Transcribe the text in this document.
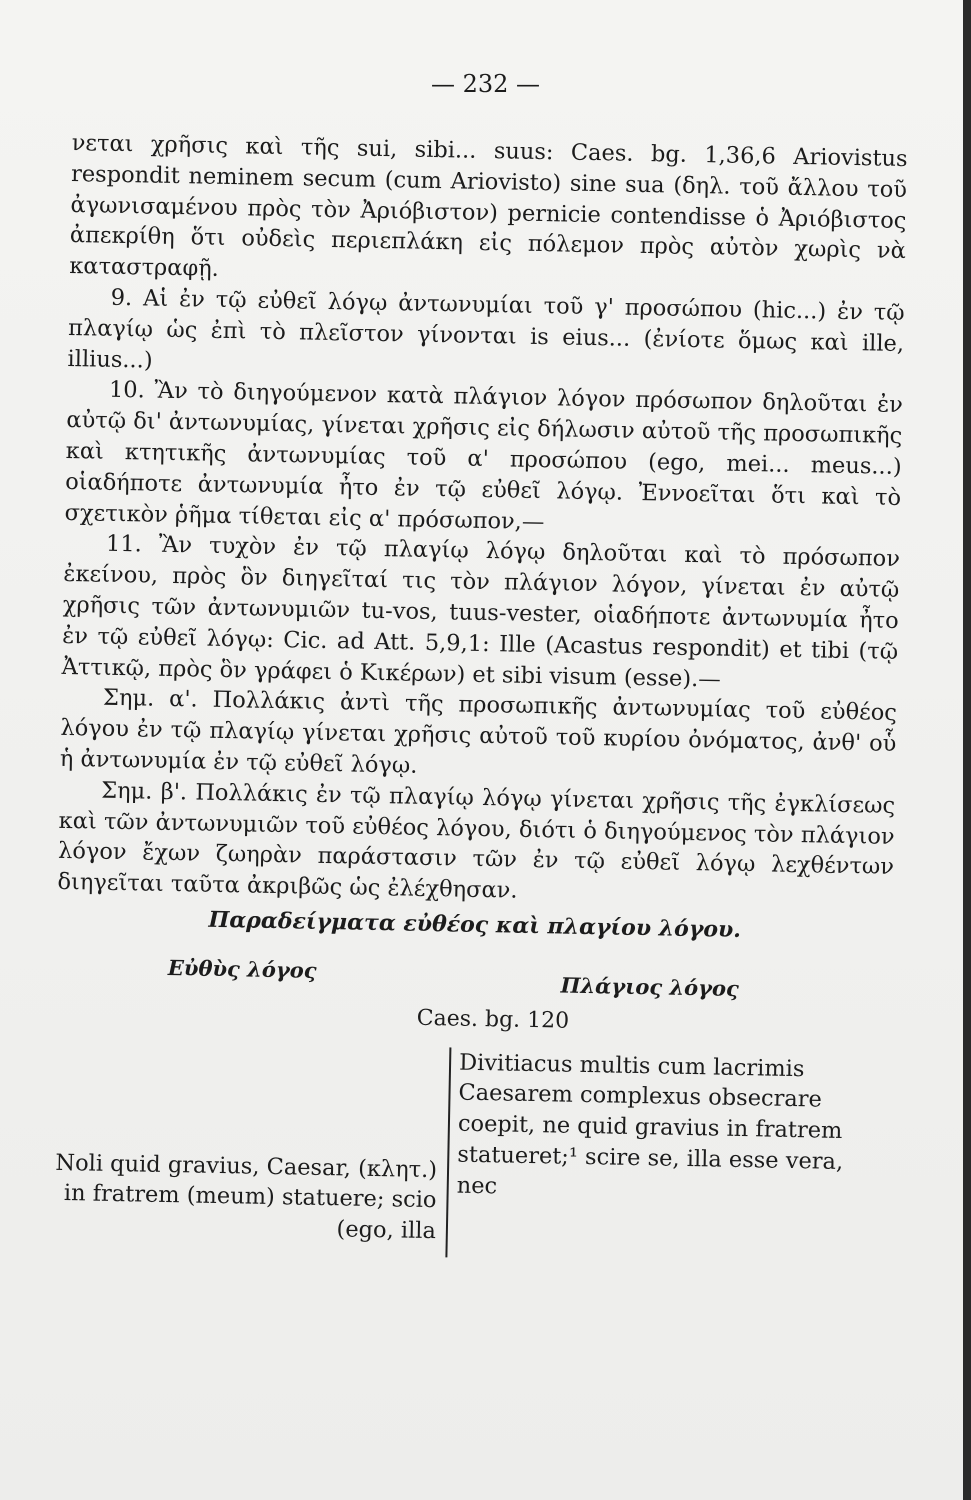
— 232 —

νεται χρῆσις καὶ τῆς sui, sibi... suus: Caes. bg. 1,36,6 Ariovistus respondit neminem secum (cum Ariovisto) sine sua (δηλ. τοῦ ἄλλου τοῦ ἀγωνισαμένου πρὸς τὸν Ἀριόβιστον) pernicie contendisse ὁ Ἀριόβιστος ἀπεκρίθη ὅτι οὐδεὶς περιεπλάκη εἰς πόλεμον πρὸς αὐτὸν χωρὶς νὰ καταστραφῇ.

9. Αἱ ἐν τῷ εὐθεῖ λόγῳ ἀντωνυμίαι τοῦ γ' προσώπου (hic...) ἐν τῷ πλαγίῳ ὡς ἐπὶ τὸ πλεῖστον γίνονται is eius... (ἐνίοτε ὅμως καὶ ille, illius...)

10. Ἂν τὸ διηγούμενον κατὰ πλάγιον λόγον πρόσωπον δηλοῦται ἐν αὐτῷ δι' ἀντωνυμίας, γίνεται χρῆσις εἰς δήλωσιν αὐτοῦ τῆς προσωπικῆς καὶ κτητικῆς ἀντωνυμίας τοῦ α' προσώπου (ego, mei... meus...) οἱαδήποτε ἀντωνυμία ἦτο ἐν τῷ εὐθεῖ λόγῳ. Ἐννοεῖται ὅτι καὶ τὸ σχετικὸν ῥῆμα τίθεται εἰς α' πρόσωπον,—

11. Ἂν τυχὸν ἐν τῷ πλαγίῳ λόγῳ δηλοῦται καὶ τὸ πρόσωπον ἐκείνου, πρὸς ὃν διηγεῖταί τις τὸν πλάγιον λόγον, γίνεται ἐν αὐτῷ χρῆσις τῶν ἀντωνυμιῶν tu-vos, tuus-vester, οἱαδήποτε ἀντωνυμία ἦτο ἐν τῷ εὐθεῖ λόγῳ: Cic. ad Att. 5,9,1: Ille (Acastus respondit) et tibi (τῷ Ἀττικῷ, πρὸς ὃν γράφει ὁ Κικέρων) et sibi visum (esse).—

Σημ. α'. Πολλάκις ἀντὶ τῆς προσωπικῆς ἀντωνυμίας τοῦ εὐθέος λόγου ἐν τῷ πλαγίῳ γίνεται χρῆσις αὐτοῦ τοῦ κυρίου ὀνόματος, ἀνθ' οὗ ἡ ἀντωνυμία ἐν τῷ εὐθεῖ λόγῳ.

Σημ. β'. Πολλάκις ἐν τῷ πλαγίῳ λόγῳ γίνεται χρῆσις τῆς ἐγκλίσεως καὶ τῶν ἀντωνυμιῶν τοῦ εὐθέος λόγου, διότι ὁ διηγούμενος τὸν πλάγιον λόγον ἔχων ζωηρὰν παράστασιν τῶν ἐν τῷ εὐθεῖ λόγῳ λεχθέντων διηγεῖται ταῦτα ἀκριβῶς ὡς ἐλέχθησαν.

Παραδείγματα εὐθέος καὶ πλαγίου λόγου.
Εὐθὺς λόγος
Πλάγιος λόγος
Caes. bg. 120
Noli quid gravius, Caesar, (κλητ.) in fratrem (meum) statuere; scio (ego, illa
Divitiacus multis cum lacrimis Caesarem complexus obsecrare coepit, ne quid gravius in fratrem statueret;¹ scire se, illa esse vera, nec
